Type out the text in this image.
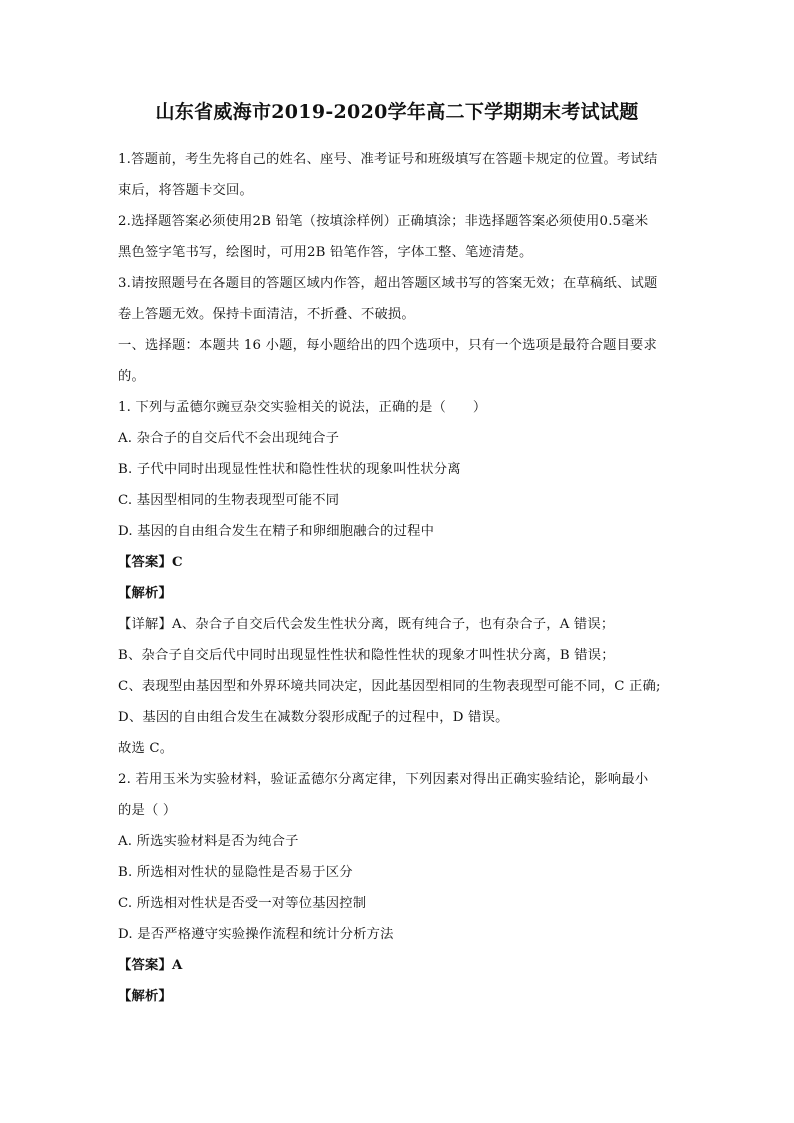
山东省威海市2019-2020学年高二下学期期末考试试题

1.答题前，考生先将自己的姓名、座号、准考证号和班级填写在答题卡规定的位置。考试结

束后，将答题卡交回。

2.选择题答案必须使用2B 铅笔（按填涂样例）正确填涂；非选择题答案必须使用0.5毫米

黑色签字笔书写，绘图时，可用2B 铅笔作答，字体工整、笔迹清楚。

3.请按照题号在各题目的答题区域内作答，超出答题区域书写的答案无效；在草稿纸、试题

卷上答题无效。保持卡面清洁，不折叠、不破损。

一、选择题：本题共 16 小题，每小题给出的四个选项中，只有一个选项是最符合题目要求

的。

1. 下列与孟德尔豌豆杂交实验相关的说法，正确的是（　　）

A. 杂合子的自交后代不会出现纯合子

B. 子代中同时出现显性性状和隐性性状的现象叫性状分离

C. 基因型相同的生物表现型可能不同

D. 基因的自由组合发生在精子和卵细胞融合的过程中

【答案】C

【解析】

【详解】A、杂合子自交后代会发生性状分离，既有纯合子，也有杂合子，A 错误；

B、杂合子自交后代中同时出现显性性状和隐性性状的现象才叫性状分离，B 错误；

C、表现型由基因型和外界环境共同决定，因此基因型相同的生物表现型可能不同，C 正确;

D、基因的自由组合发生在减数分裂形成配子的过程中，D 错误。

故选 C。

2. 若用玉米为实验材料，验证孟德尔分离定律，下列因素对得出正确实验结论，影响最小

的是（ ）

A. 所选实验材料是否为纯合子

B. 所选相对性状的显隐性是否易于区分

C. 所选相对性状是否受一对等位基因控制

D. 是否严格遵守实验操作流程和统计分析方法

【答案】A

【解析】
